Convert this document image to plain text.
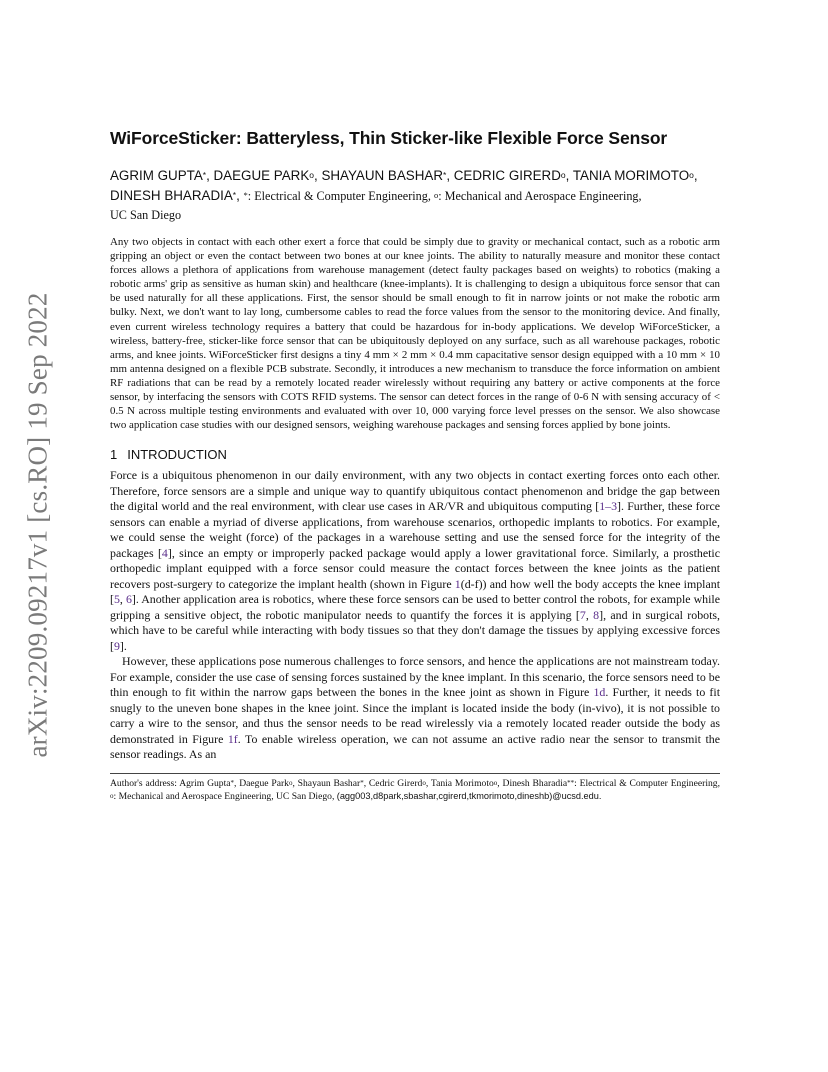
arXiv:2209.09217v1 [cs.RO] 19 Sep 2022
WiForceSticker: Batteryless, Thin Sticker-like Flexible Force Sensor
AGRIM GUPTA*, DAEGUE PARK$^o$, SHAYAUN BASHAR*, CEDRIC GIRERD$^o$, TANIA MORIMOTO$^o$,
DINESH BHARADIA*, *: Electrical & Computer Engineering, $^o$: Mechanical and Aerospace Engineering,
UC San Diego

Any two objects in contact with each other exert a force that could be simply due to gravity or mechanical contact, such as a robotic arm gripping an object or even the contact between two bones at our knee joints. The ability to naturally measure and monitor these contact forces allows a plethora of applications from warehouse management (detect faulty packages based on weights) to robotics (making a robotic arms' grip as sensitive as human skin) and healthcare (knee-implants). It is challenging to design a ubiquitous force sensor that can be used naturally for all these applications. First, the sensor should be small enough to fit in narrow joints or not make the robotic arm bulky. Next, we don't want to lay long, cumbersome cables to read the force values from the sensor to the monitoring device. And finally, even current wireless technology requires a battery that could be hazardous for in-body applications. We develop WiForceSticker, a wireless, battery-free, sticker-like force sensor that can be ubiquitously deployed on any surface, such as all warehouse packages, robotic arms, and knee joints. WiForceSticker first designs a tiny 4 mm × 2 mm × 0.4 mm capacitative sensor design equipped with a 10 mm × 10 mm antenna designed on a flexible PCB substrate. Secondly, it introduces a new mechanism to transduce the force information on ambient RF radiations that can be read by a remotely located reader wirelessly without requiring any battery or active components at the force sensor, by interfacing the sensors with COTS RFID systems. The sensor can detect forces in the range of 0-6 N with sensing accuracy of < 0.5 N across multiple testing environments and evaluated with over 10, 000 varying force level presses on the sensor. We also showcase two application case studies with our designed sensors, weighing warehouse packages and sensing forces applied by bone joints.

1 INTRODUCTION

Force is a ubiquitous phenomenon in our daily environment, with any two objects in contact exerting forces onto each other. Therefore, force sensors are a simple and unique way to quantify ubiquitous contact phenomenon and bridge the gap between the digital world and the real environment, with clear use cases in AR/VR and ubiquitous computing [1–3]. Further, these force sensors can enable a myriad of diverse applications, from warehouse scenarios, orthopedic implants to robotics. For example, we could sense the weight (force) of the packages in a warehouse setting and use the sensed force for the integrity of the packages [4], since an empty or improperly packed package would apply a lower gravitational force. Similarly, a prosthetic orthopedic implant equipped with a force sensor could measure the contact forces between the knee joints as the patient recovers post-surgery to categorize the implant health (shown in Figure 1(d-f)) and how well the body accepts the knee implant [5, 6]. Another application area is robotics, where these force sensors can be used to better control the robots, for example while gripping a sensitive object, the robotic manipulator needs to quantify the forces it is applying [7, 8], and in surgical robots, which have to be careful while interacting with body tissues so that they don't damage the tissues by applying excessive forces [9].

However, these applications pose numerous challenges to force sensors, and hence the applications are not mainstream today. For example, consider the use case of sensing forces sustained by the knee implant. In this scenario, the force sensors need to be thin enough to fit within the narrow gaps between the bones in the knee joint as shown in Figure 1d. Further, it needs to fit snugly to the uneven bone shapes in the knee joint. Since the implant is located inside the body (in-vivo), it is not possible to carry a wire to the sensor, and thus the sensor needs to be read wirelessly via a remotely located reader outside the body as demonstrated in Figure 1f. To enable wireless operation, we can not assume an active radio near the sensor to transmit the sensor readings. As an

Author's address: Agrim Gupta*, Daegue Park$^o$, Shayaun Bashar*, Cedric Girerd$^o$, Tania Morimoto$^o$, Dinesh Bharadia**: Electrical & Computer Engineering, $^o$: Mechanical and Aerospace Engineering, UC San Diego, (agg003,d8park,sbashar,cgirerd,tkmorimoto,dineshb)@ucsd.edu.
